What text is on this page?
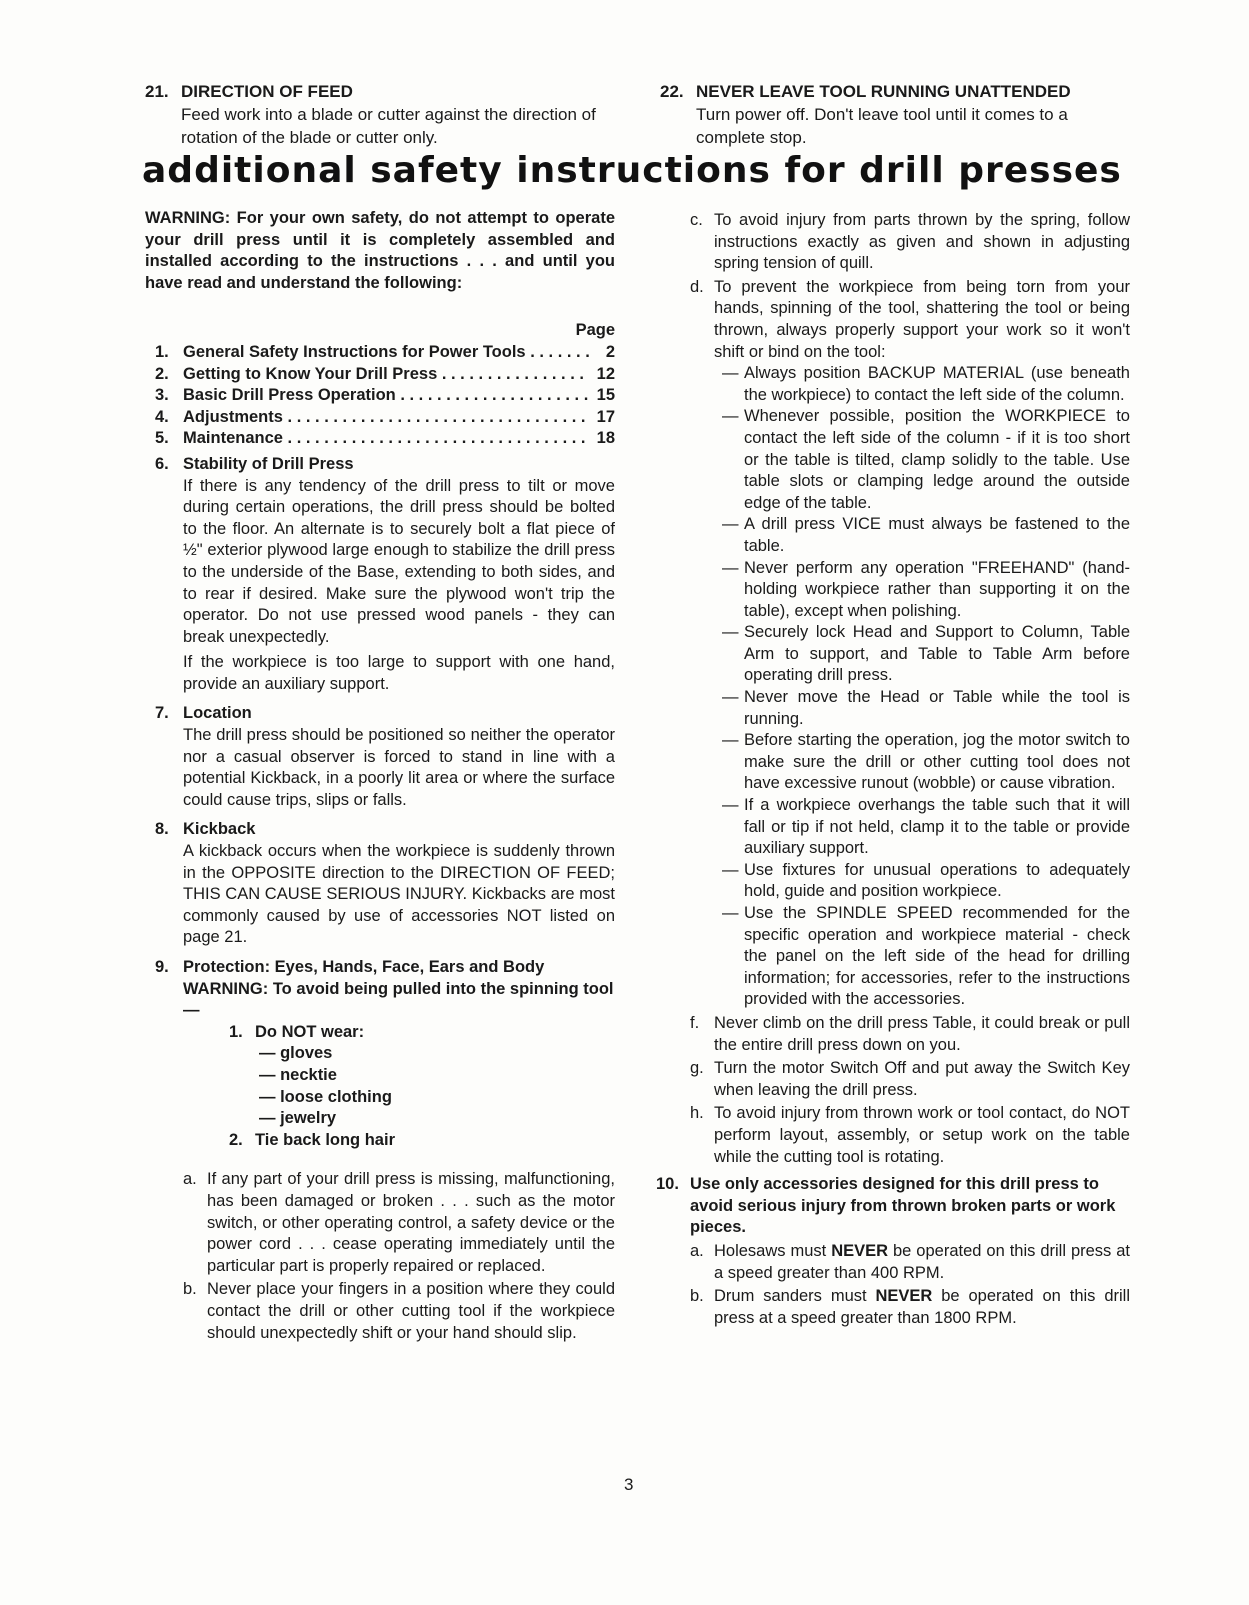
21. DIRECTION OF FEED
Feed work into a blade or cutter against the direction of rotation of the blade or cutter only.
22. NEVER LEAVE TOOL RUNNING UNATTENDED
Turn power off. Don't leave tool until it comes to a complete stop.
additional safety instructions for drill presses
WARNING: For your own safety, do not attempt to operate your drill press until it is completely assembled and installed according to the instructions . . . and until you have read and understand the following:
Page
1. General Safety Instructions for Power Tools . . .	2
2. Getting to Know Your Drill Press . . .	12
3. Basic Drill Press Operation . . .	15
4. Adjustments . . .	17
5. Maintenance . . .	18
6. Stability of Drill Press

If there is any tendency of the drill press to tilt or move during certain operations, the drill press should be bolted to the floor. An alternate is to securely bolt a flat piece of ½" exterior plywood large enough to stabilize the drill press to the underside of the Base, extending to both sides, and to rear if desired. Make sure the plywood won't trip the operator. Do not use pressed wood panels - they can break unexpectedly.

If the workpiece is too large to support with one hand, provide an auxiliary support.

7. Location

The drill press should be positioned so neither the operator nor a casual observer is forced to stand in line with a potential Kickback, in a poorly lit area or where the surface could cause trips, slips or falls.

8. Kickback

A kickback occurs when the workpiece is suddenly thrown in the OPPOSITE direction to the DIRECTION OF FEED; THIS CAN CAUSE SERIOUS INJURY. Kickbacks are most commonly caused by use of accessories NOT listed on page 21.

9. Protection: Eyes, Hands, Face, Ears and Body
WARNING: To avoid being pulled into the spinning tool —
1. Do NOT wear:
— gloves
— necktie
— loose clothing
— jewelry
2. Tie back long hair
a. If any part of your drill press is missing, malfunctioning, has been damaged or broken . . . such as the motor switch, or other operating control, a safety device or the power cord . . . cease operating immediately until the particular part is properly repaired or replaced.
b. Never place your fingers in a position where they could contact the drill or other cutting tool if the workpiece should unexpectedly shift or your hand should slip.
c. To avoid injury from parts thrown by the spring, follow instructions exactly as given and shown in adjusting spring tension of quill.
d. To prevent the workpiece from being torn from your hands, spinning of the tool, shattering the tool or being thrown, always properly support your work so it won't shift or bind on the tool:
— Always position BACKUP MATERIAL (use beneath the workpiece) to contact the left side of the column.
— Whenever possible, position the WORKPIECE to contact the left side of the column - if it is too short or the table is tilted, clamp solidly to the table. Use table slots or clamping ledge around the outside edge of the table.
— A drill press VICE must always be fastened to the table.
— Never perform any operation "FREEHAND" (hand-holding workpiece rather than supporting it on the table), except when polishing.
— Securely lock Head and Support to Column, Table Arm to support, and Table to Table Arm before operating drill press.
— Never move the Head or Table while the tool is running.
— Before starting the operation, jog the motor switch to make sure the drill or other cutting tool does not have excessive runout (wobble) or cause vibration.
— If a workpiece overhangs the table such that it will fall or tip if not held, clamp it to the table or provide auxiliary support.
— Use fixtures for unusual operations to adequately hold, guide and position workpiece.
— Use the SPINDLE SPEED recommended for the specific operation and workpiece material - check the panel on the left side of the head for drilling information; for accessories, refer to the instructions provided with the accessories.
f. Never climb on the drill press Table, it could break or pull the entire drill press down on you.
g. Turn the motor Switch Off and put away the Switch Key when leaving the drill press.
h. To avoid injury from thrown work or tool contact, do NOT perform layout, assembly, or setup work on the table while the cutting tool is rotating.
10. Use only accessories designed for this drill press to avoid serious injury from thrown broken parts or work pieces.
a. Holesaws must NEVER be operated on this drill press at a speed greater than 400 RPM.
b. Drum sanders must NEVER be operated on this drill press at a speed greater than 1800 RPM.
3
